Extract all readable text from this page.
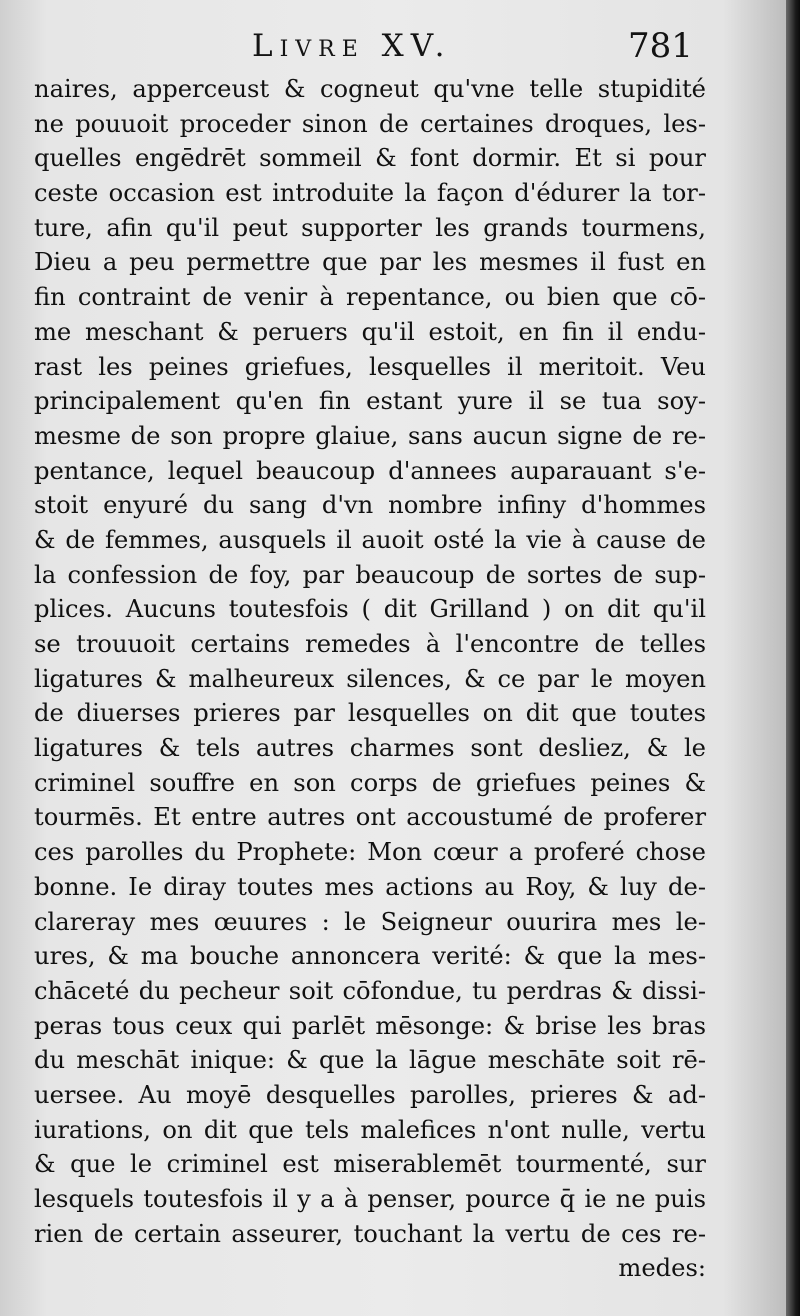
Livre XV.	781
naires, apperceust & cogneut qu'vne telle stupidité
ne pouuoit proceder sinon de certaines droques, les-
quelles engēdrēt sommeil & font dormir. Et si pour
ceste occasion est introduite la façon d'édurer la tor-
ture, afin qu'il peut supporter les grands tourmens,
Dieu a peu permettre que par les mesmes il fust en
fin contraint de venir à repentance, ou bien que cō-
me meschant & peruers qu'il estoit, en fin il endu-
rast les peines griefues, lesquelles il meritoit. Veu
principalement qu'en fin estant yure il se tua soy-
mesme de son propre glaiue, sans aucun signe de re-
pentance, lequel beaucoup d'annees auparauant s'e-
stoit enyuré du sang d'vn nombre infiny d'hommes
& de femmes, ausquels il auoit osté la vie à cause de
la confession de foy, par beaucoup de sortes de sup-
plices. Aucuns toutesfois ( dit Grilland ) on dit qu'il
se trouuoit certains remedes à l'encontre de telles
ligatures & malheureux silences, & ce par le moyen
de diuerses prieres par lesquelles on dit que toutes
ligatures & tels autres charmes sont desliez, & le
criminel souffre en son corps de griefues peines &
tourmēs. Et entre autres ont accoustumé de proferer
ces parolles du Prophete: Mon cœur a proferé chose
bonne. Ie diray toutes mes actions au Roy, & luy de-
clareray mes œuures : le Seigneur ouurira mes le-
ures, & ma bouche annoncera verité: & que la mes-
chāceté du pecheur soit cōfondue, tu perdras & dissi-
peras tous ceux qui parlēt mēsonge: & brise les bras
du meschāt inique: & que la lāgue meschāte soit rē-
uersee. Au moyē desquelles parolles, prieres & ad-
iurations, on dit que tels malefices n'ont nulle, vertu
& que le criminel est miserablemēt tourmenté, sur
lesquels toutesfois il y a à penser, pource q̄ ie ne puis
rien de certain asseurer, touchant la vertu de ces re-
medes:
